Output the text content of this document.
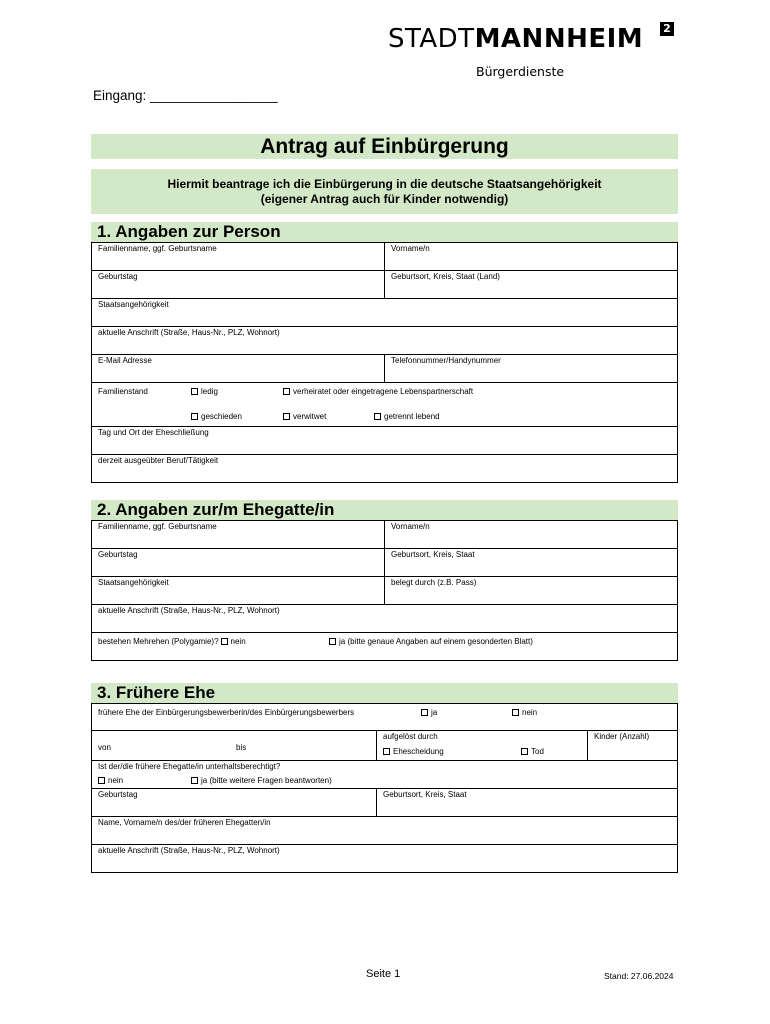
STADTMANNHEIM	2
Bürgerdienste
Eingang: _________________
Antrag auf Einbürgerung
Hiermit beantrage ich die Einbürgerung in die deutsche Staatsangehörigkeit
(eigener Antrag auch für Kinder notwendig)
1. Angaben zur Person
Familienname, ggf. Geburtsname	Vorname/n
Geburtstag	Geburtsort, Kreis, Staat (Land)
Staatsangehörigkeit
aktuelle Anschrift (Straße, Haus-Nr., PLZ, Wohnort)
E-Mail Adresse	Telefonnummer/Handynummer
Familienstand	ledig	verheiratet oder eingetragene Lebenspartnerschaft
geschieden	verwitwet	getrennt lebend
Tag und Ort der Eheschließung
derzeit ausgeübter Beruf/Tätigkeit
2. Angaben zur/m Ehegatte/in
Familienname, ggf. Geburtsname	Vorname/n
Geburtstag	Geburtsort, Kreis, Staat
Staatsangehörigkeit	belegt durch (z.B. Pass)
aktuelle Anschrift (Straße, Haus-Nr., PLZ, Wohnort)
bestehen Mehrehen (Polygamie)? nein	ja (bitte genaue Angaben auf einem gesonderten Blatt)
3. Frühere Ehe
frühere Ehe der Einbürgerungsbewerberin/des Einbürgerungsbewerbers	ja	nein
von	bis
aufgelöst durch
Ehescheidung	Tod
Kinder (Anzahl)
Ist der/die frühere Ehegatte/in unterhaltsberechtigt?
nein	ja (bitte weitere Fragen beantworten)
Geburtstag	Geburtsort, Kreis, Staat
Name, Vorname/n des/der früheren Ehegatten/in
aktuelle Anschrift (Straße, Haus-Nr., PLZ, Wohnort)
Seite 1	Stand: 27.06.2024
